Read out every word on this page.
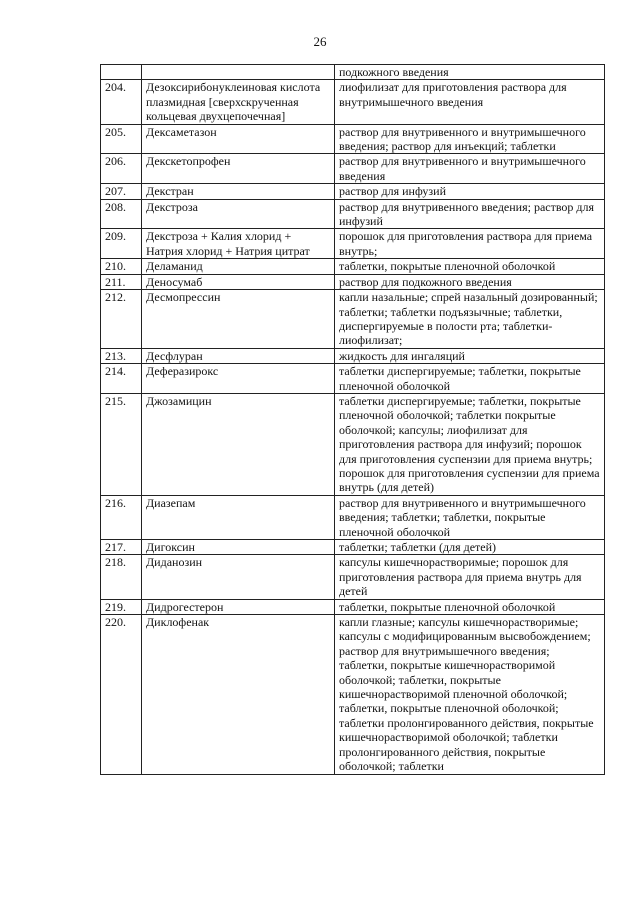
26
		подкожного введения
204.	Дезоксирибонуклеиновая кислота плазмидная [сверхскрученная кольцевая двухцепочечная]	лиофилизат для приготовления раствора для внутримышечного введения
205.	Дексаметазон	раствор для внутривенного и внутримышечного введения; раствор для инъекций; таблетки
206.	Декскетопрофен	раствор для внутривенного и внутримышечного введения
207.	Декстран	раствор для инфузий
208.	Декстроза	раствор для внутривенного введения; раствор для инфузий
209.	Декстроза + Калия хлорид + Натрия хлорид + Натрия цитрат	порошок для приготовления раствора для приема внутрь;
210.	Деламанид	таблетки, покрытые пленочной оболочкой
211.	Деносумаб	раствор для подкожного введения
212.	Десмопрессин	капли назальные; спрей назальный дозированный; таблетки; таблетки подъязычные; таблетки, диспергируемые в полости рта; таблетки-лиофилизат;
213.	Десфлуран	жидкость для ингаляций
214.	Деферазирокс	таблетки диспергируемые; таблетки, покрытые пленочной оболочкой
215.	Джозамицин	таблетки диспергируемые; таблетки, покрытые пленочной оболочкой; таблетки покрытые оболочкой; капсулы; лиофилизат для приготовления раствора для инфузий; порошок для приготовления суспензии для приема внутрь; порошок для приготовления суспензии для приема внутрь (для детей)
216.	Диазепам	раствор для внутривенного и внутримышечного введения; таблетки; таблетки, покрытые пленочной оболочкой
217.	Дигоксин	таблетки; таблетки (для детей)
218.	Диданозин	капсулы кишечнорастворимые; порошок для приготовления раствора для приема внутрь для детей
219.	Дидрогестерон	таблетки, покрытые пленочной оболочкой
220.	Диклофенак	капли глазные; капсулы кишечнорастворимые; капсулы с модифицированным высвобождением; раствор для внутримышечного введения; таблетки, покрытые кишечнорастворимой оболочкой; таблетки, покрытые кишечнорастворимой пленочной оболочкой; таблетки, покрытые пленочной оболочкой; таблетки пролонгированного действия, покрытые кишечнорастворимой оболочкой; таблетки пролонгированного действия, покрытые оболочкой; таблетки
